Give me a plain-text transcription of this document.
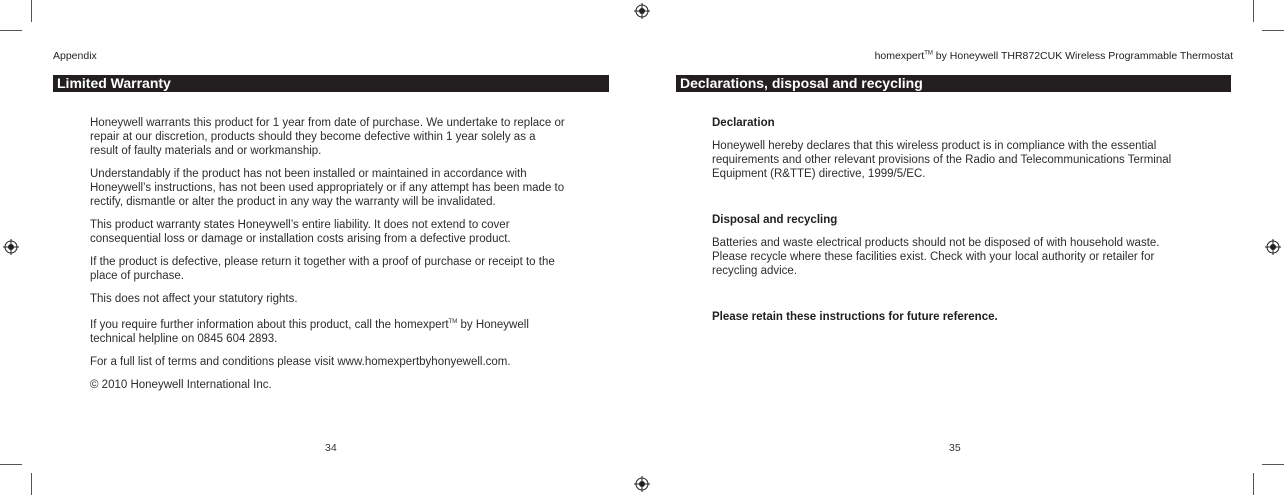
Appendix
Limited Warranty

Honeywell warrants this product for 1 year from date of purchase. We undertake to replace or repair at our discretion, products should they become defective within 1 year solely as a result of faulty materials and or workmanship.

Understandably if the product has not been installed or maintained in accordance with Honeywell’s instructions, has not been used appropriately or if any attempt has been made to rectify, dismantle or alter the product in any way the warranty will be invalidated.

This product warranty states Honeywell’s entire liability. It does not extend to cover consequential loss or damage or installation costs arising from a defective product.

If the product is defective, please return it together with a proof of purchase or receipt to the place of purchase.

This does not affect your statutory rights.

If you require further information about this product, call the homexpert™ by Honeywell technical helpline on 0845 604 2893.

For a full list of terms and conditions please visit www.homexpertbyhonyewell.com.

© 2010 Honeywell International Inc.

34
homexpert™ by Honeywell THR872CUK Wireless Programmable Thermostat
Declarations, disposal and recycling
Declaration

Honeywell hereby declares that this wireless product is in compliance with the essential requirements and other relevant provisions of the Radio and Telecommunications Terminal Equipment (R&TTE) directive, 1999/5/EC.

Disposal and recycling

Batteries and waste electrical products should not be disposed of with household waste. Please recycle where these facilities exist. Check with your local authority or retailer for recycling advice.

Please retain these instructions for future reference.
35
